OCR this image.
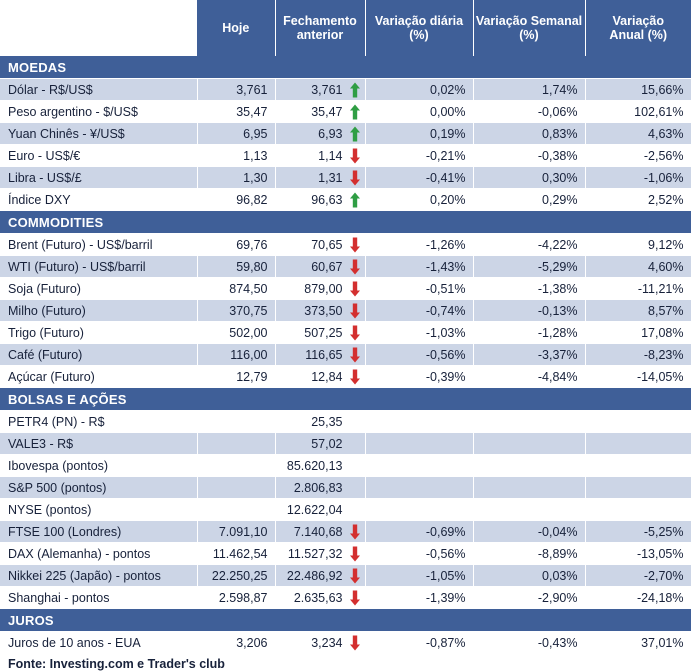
	Hoje	
Fechamento
anterior

Variação diária
(%)

Variação Semanal
(%)

Variação
Anual (%)

MOEDAS					
Dólar - R$/US$	3,761	3,761	0,02%	1,74%	15,66%
Peso argentino - $/US$	35,47	35,47	0,00%	-0,06%	102,61%
Yuan Chinês - ¥/US$	6,95	6,93	0,19%	0,83%	4,63%
Euro - US$/€	1,13	1,14	-0,21%	-0,38%	-2,56%
Libra - US$/£	1,30	1,31	-0,41%	0,30%	-1,06%
Índice DXY	96,82	96,63	0,20%	0,29%	2,52%
COMMODITIES					
Brent (Futuro) - US$/barril	69,76	70,65	-1,26%	-4,22%	9,12%
WTI (Futuro) - US$/barril	59,80	60,67	-1,43%	-5,29%	4,60%
Soja (Futuro)	874,50	879,00	-0,51%	-1,38%	-11,21%
Milho (Futuro)	370,75	373,50	-0,74%	-0,13%	8,57%
Trigo (Futuro)	502,00	507,25	-1,03%	-1,28%	17,08%
Café (Futuro)	116,00	116,65	-0,56%	-3,37%	-8,23%
Açúcar (Futuro)	12,79	12,84	-0,39%	-4,84%	-14,05%
BOLSAS E AÇÕES					
PETR4 (PN) - R$		25,35			
VALE3 - R$		57,02			
Ibovespa (pontos)		85.620,13			
S&P 500 (pontos)		2.806,83			
NYSE (pontos)		12.622,04			
FTSE 100 (Londres)	7.091,10	7.140,68	-0,69%	-0,04%	-5,25%
DAX (Alemanha) - pontos	11.462,54	11.527,32	-0,56%	-8,89%	-13,05%
Nikkei 225 (Japão) - pontos	22.250,25	22.486,92	-1,05%	0,03%	-2,70%
Shanghai - pontos	2.598,87	2.635,63	-1,39%	-2,90%	-24,18%
JUROS					
Juros de 10 anos - EUA	3,206	3,234	-0,87%	-0,43%	37,01%
Fonte: Investing.com e Trader's club
